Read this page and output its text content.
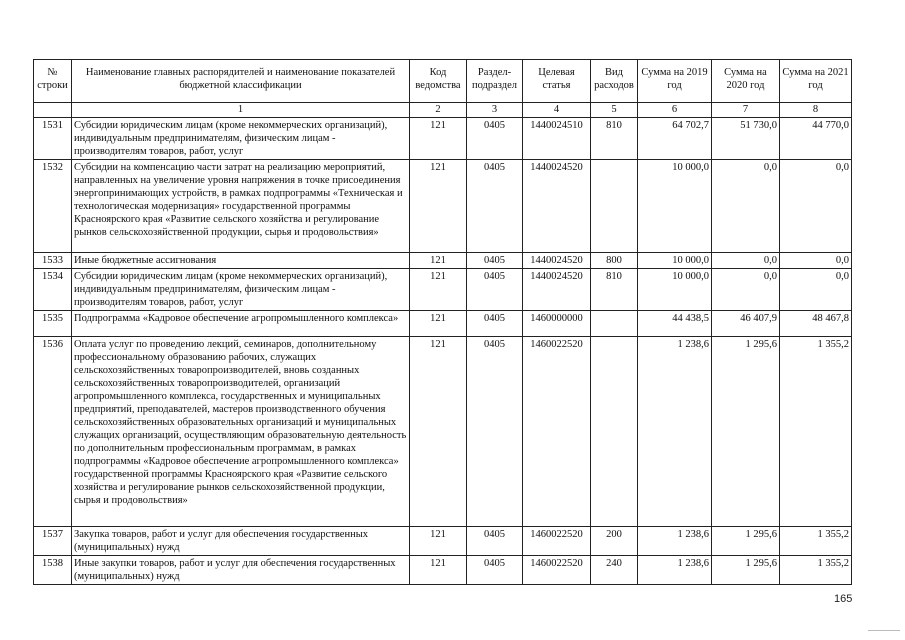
№ строки	Наименование главных распорядителей и наименование показателей бюджетной классификации	Код ведомства	Раздел-подраздел	Целевая статья	Вид расходов	Сумма на 2019 год	Сумма на 2020 год	Сумма на 2021 год
	1	2	3	4	5	6	7	8
1531	Субсидии юридическим лицам (кроме некоммерческих организаций), индивидуальным предпринимателям, физическим лицам - производителям товаров, работ, услуг	121	0405	1440024510	810	64 702,7	51 730,0	44 770,0
1532	Субсидии на компенсацию части затрат на реализацию мероприятий, направленных на увеличение уровня напряжения в точке присоединения энергопринимающих устройств, в рамках подпрограммы «Техническая и технологическая модернизация» государственной программы Красноярского края «Развитие сельского хозяйства и регулирование рынков сельскохозяйственной продукции, сырья и продовольствия»	121	0405	1440024520		10 000,0	0,0	0,0
1533	Иные бюджетные ассигнования	121	0405	1440024520	800	10 000,0	0,0	0,0
1534	Субсидии юридическим лицам (кроме некоммерческих организаций), индивидуальным предпринимателям, физическим лицам - производителям товаров, работ, услуг	121	0405	1440024520	810	10 000,0	0,0	0,0
1535	Подпрограмма «Кадровое обеспечение агропромышленного комплекса»	121	0405	1460000000		44 438,5	46 407,9	48 467,8
1536	Оплата услуг по проведению лекций, семинаров, дополнительному профессиональному образованию рабочих, служащих сельскохозяйственных товаропроизводителей, вновь созданных сельскохозяйственных товаропроизводителей, организаций агропромышленного комплекса, государственных и муниципальных предприятий, преподавателей, мастеров производственного обучения сельскохозяйственных образовательных организаций и муниципальных служащих организаций, осуществляющим образовательную деятельность по дополнительным профессиональным программам, в рамках подпрограммы «Кадровое обеспечение агропромышленного комплекса» государственной программы Красноярского края «Развитие сельского хозяйства и регулирование рынков сельскохозяйственной продукции, сырья и продовольствия»	121	0405	1460022520		1 238,6	1 295,6	1 355,2
1537	Закупка товаров, работ и услуг для обеспечения государственных (муниципальных) нужд	121	0405	1460022520	200	1 238,6	1 295,6	1 355,2
1538	Иные закупки товаров, работ и услуг для обеспечения государственных (муниципальных) нужд	121	0405	1460022520	240	1 238,6	1 295,6	1 355,2
165
